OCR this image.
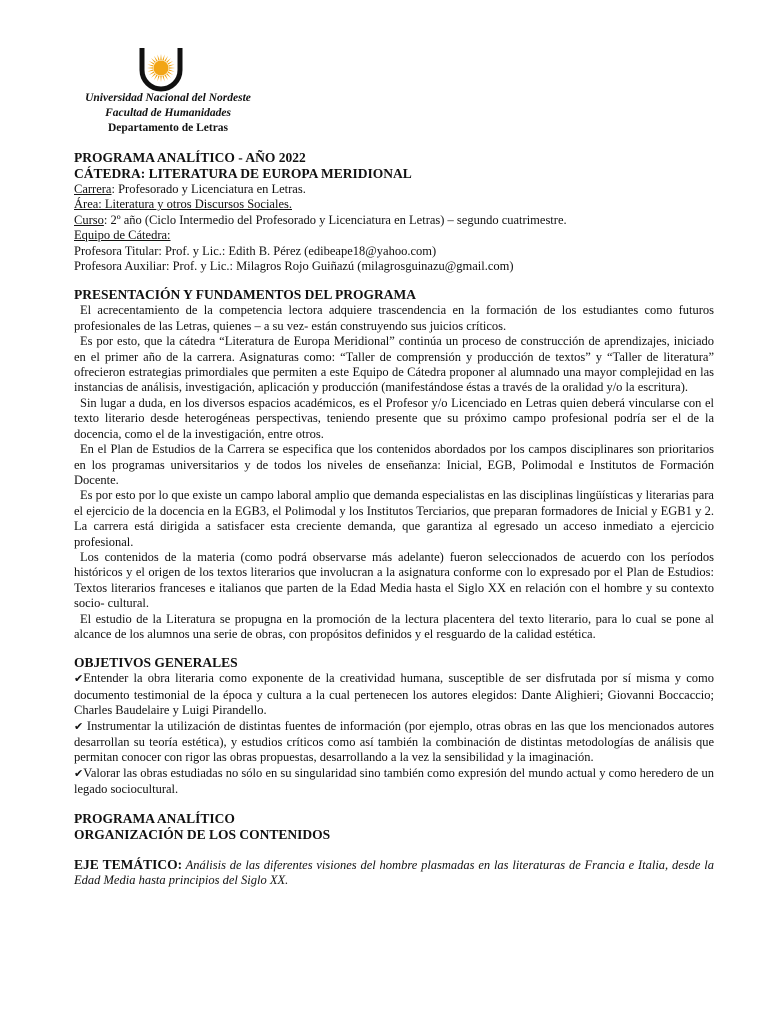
Universidad Nacional del Nordeste
Facultad de Humanidades
Departamento de Letras

PROGRAMA ANALÍTICO - AÑO 2022

CÁTEDRA: LITERATURA DE EUROPA MERIDIONAL

Carrera: Profesorado y Licenciatura en Letras.

Área: Literatura y otros Discursos Sociales.

Curso: 2º año (Ciclo Intermedio del Profesorado y Licenciatura en Letras) – segundo cuatrimestre.

Equipo de Cátedra:

Profesora Titular: Prof. y Lic.: Edith B. Pérez (edibeape18@yahoo.com)

Profesora Auxiliar: Prof. y Lic.: Milagros Rojo Guiñazú (milagrosguinazu@gmail.com)

PRESENTACIÓN Y FUNDAMENTOS DEL PROGRAMA

El acrecentamiento de la competencia lectora adquiere trascendencia en la formación de los estudiantes como futuros profesionales de las Letras, quienes – a su vez- están construyendo sus juicios críticos.

Es por esto, que la cátedra “Literatura de Europa Meridional” continúa un proceso de construcción de aprendizajes, iniciado en el primer año de la carrera. Asignaturas como: “Taller de comprensión y producción de textos” y “Taller de literatura” ofrecieron estrategias primordiales que permiten a este Equipo de Cátedra proponer al alumnado una mayor complejidad en las instancias de análisis, investigación, aplicación y producción (manifestándose éstas a través de la oralidad y/o la escritura).

Sin lugar a duda, en los diversos espacios académicos, es el Profesor y/o Licenciado en Letras quien deberá vincularse con el texto literario desde heterogéneas perspectivas, teniendo presente que su próximo campo profesional podría ser el de la docencia, como el de la investigación, entre otros.

En el Plan de Estudios de la Carrera se especifica que los contenidos abordados por los campos disciplinares son prioritarios en los programas universitarios y de todos los niveles de enseñanza: Inicial, EGB, Polimodal e Institutos de Formación Docente.

Es por esto por lo que existe un campo laboral amplio que demanda especialistas en las disciplinas lingüísticas y literarias para el ejercicio de la docencia en la EGB3, el Polimodal y los Institutos Terciarios, que preparan formadores de Inicial y EGB1 y 2. La carrera está dirigida a satisfacer esta creciente demanda, que garantiza al egresado un acceso inmediato a ejercicio profesional.

Los contenidos de la materia (como podrá observarse más adelante) fueron seleccionados de acuerdo con los períodos históricos y el origen de los textos literarios que involucran a la asignatura conforme con lo expresado por el Plan de Estudios: Textos literarios franceses e italianos que parten de la Edad Media hasta el Siglo XX en relación con el hombre y su contexto socio- cultural.

El estudio de la Literatura se propugna en la promoción de la lectura placentera del texto literario, para lo cual se pone al alcance de los alumnos una serie de obras, con propósitos definidos y el resguardo de la calidad estética.

OBJETIVOS GENERALES

✔ Entender la obra literaria como exponente de la creatividad humana, susceptible de ser disfrutada por sí misma y como documento testimonial de la época y cultura a la cual pertenecen los autores elegidos: Dante Alighieri; Giovanni Boccaccio; Charles Baudelaire y Luigi Pirandello.

✔ Instrumentar la utilización de distintas fuentes de información (por ejemplo, otras obras en las que los mencionados autores desarrollan su teoría estética), y estudios críticos como así también la combinación de distintas metodologías de análisis que permitan conocer con rigor las obras propuestas, desarrollando a la vez la sensibilidad y la imaginación.

✔ Valorar las obras estudiadas no sólo en su singularidad sino también como expresión del mundo actual y como heredero de un legado sociocultural.

PROGRAMA ANALÍTICO

ORGANIZACIÓN DE LOS CONTENIDOS

EJE TEMÁTICO: Análisis de las diferentes visiones del hombre plasmadas en las literaturas de Francia e Italia, desde la Edad Media hasta principios del Siglo XX.
